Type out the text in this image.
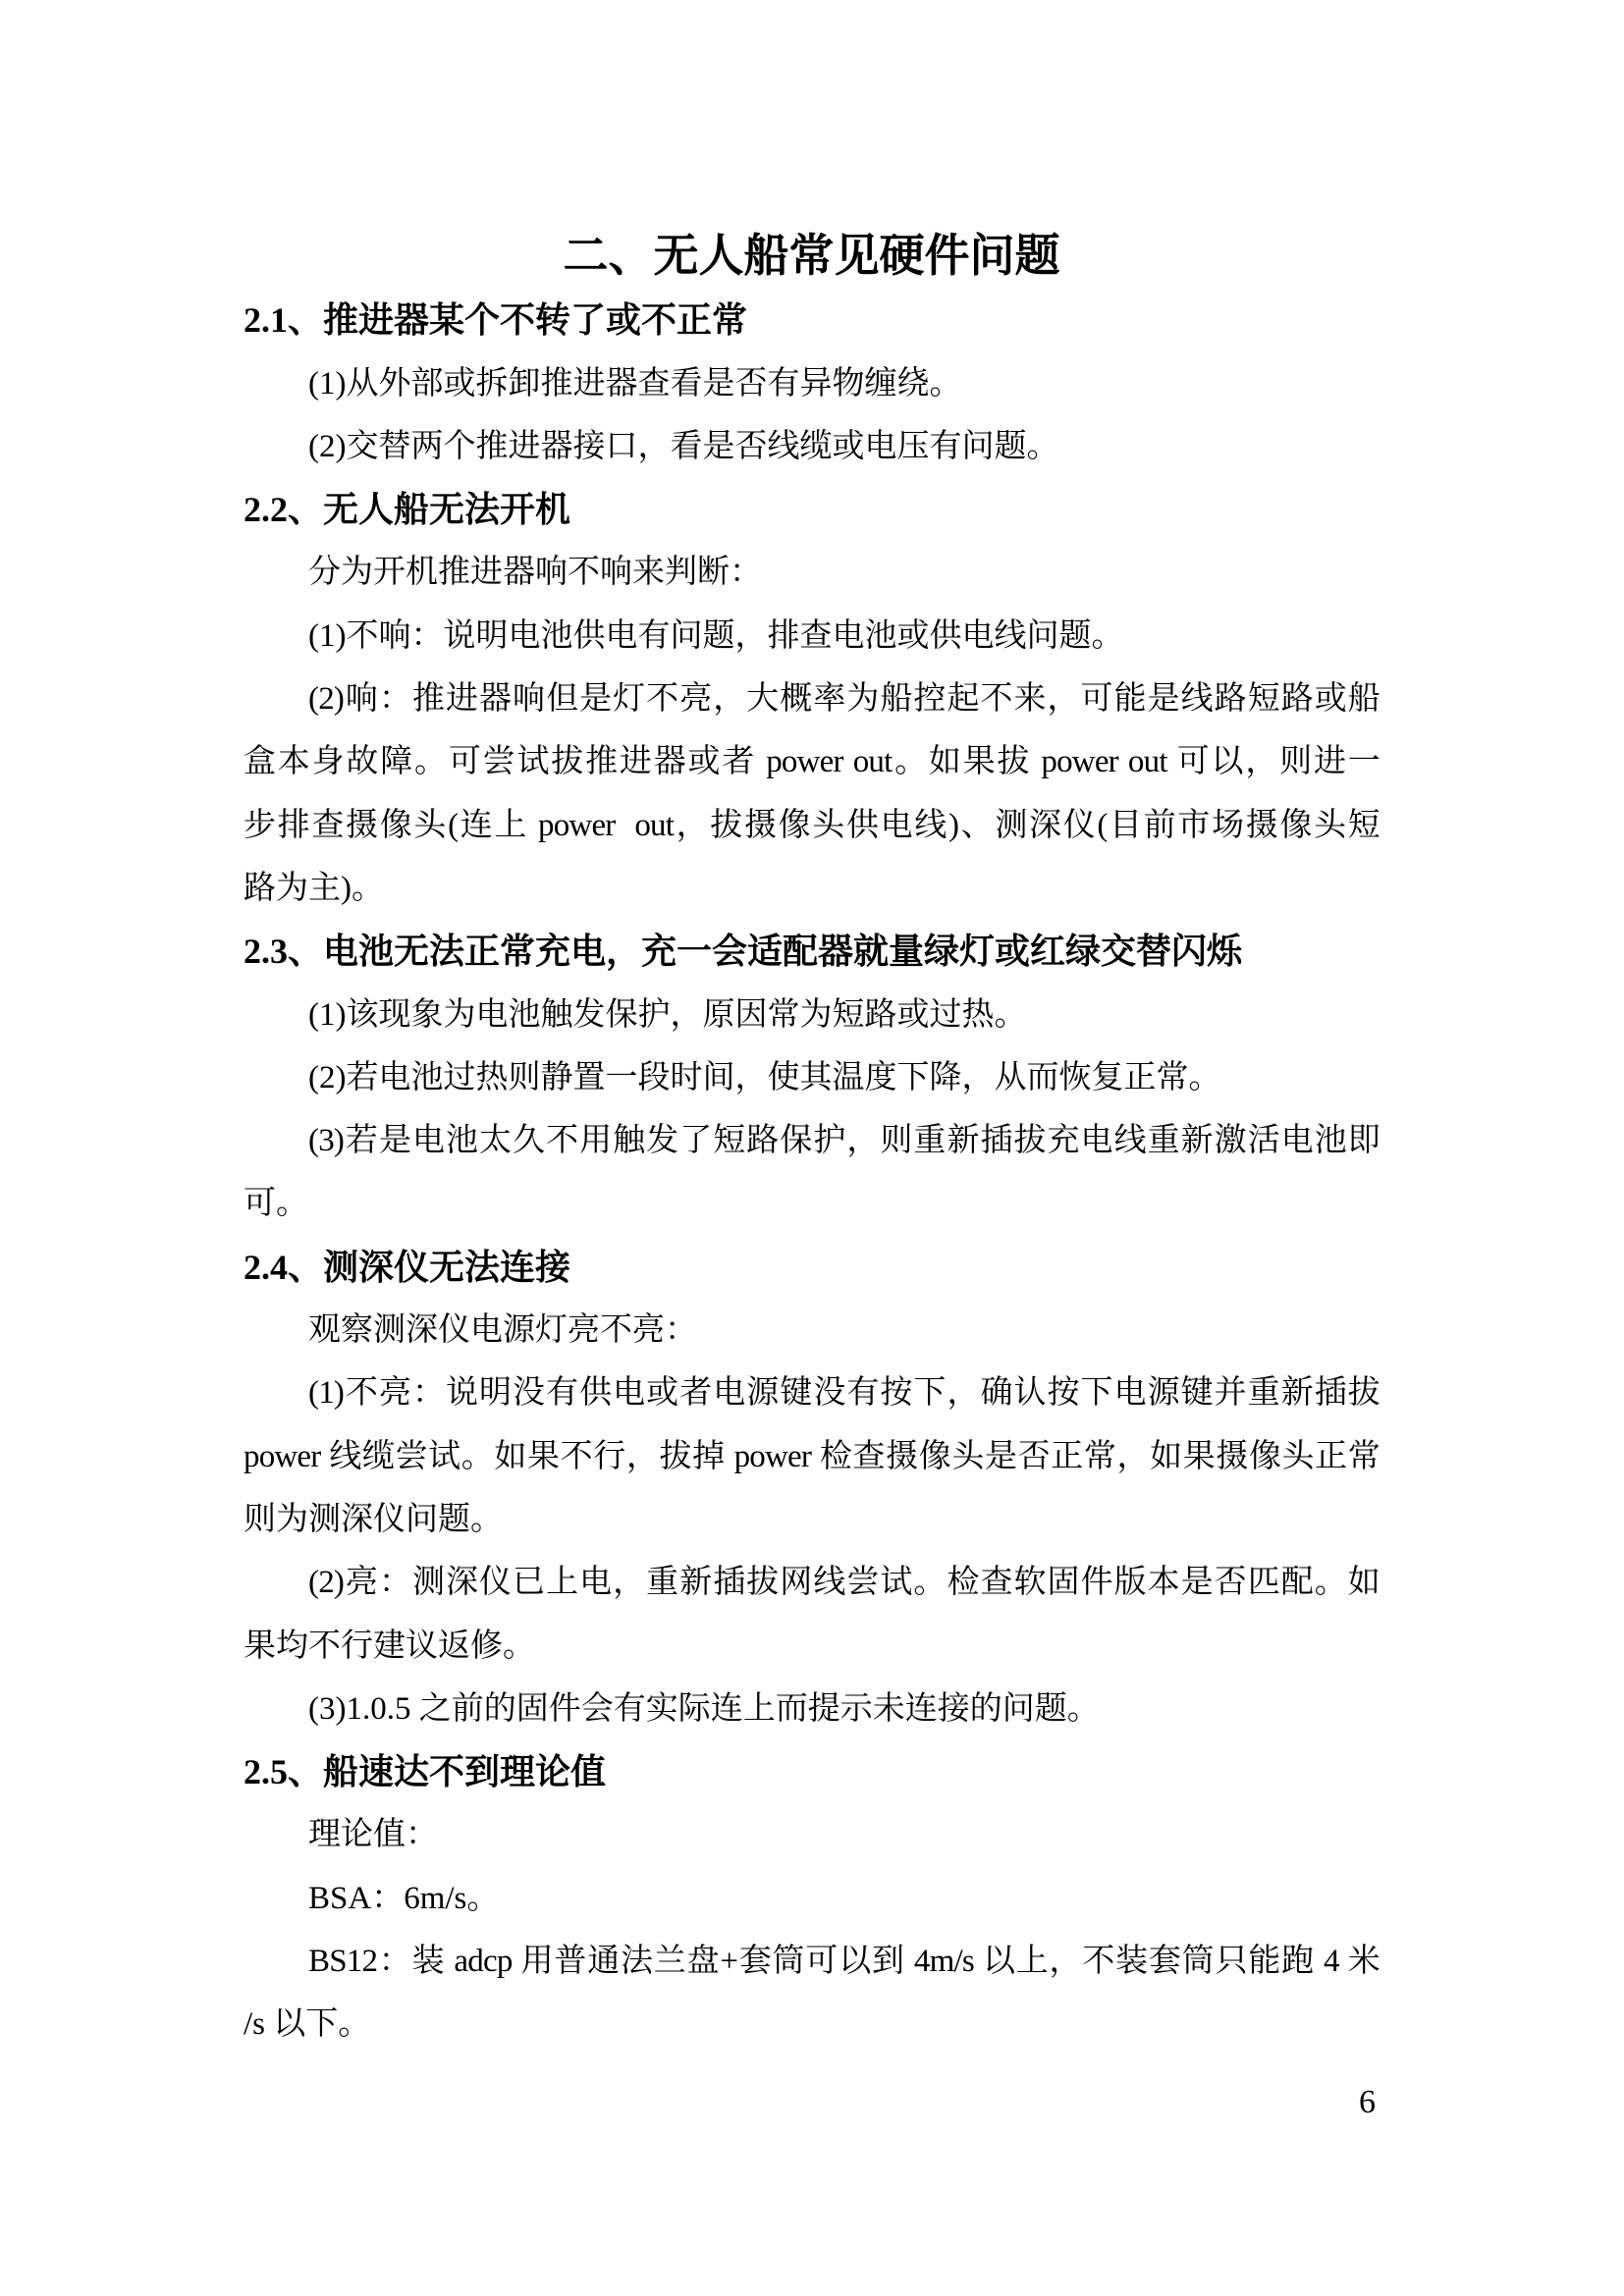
二、无人船常见硬件问题
2.1、推进器某个不转了或不正常
(1)从外部或拆卸推进器查看是否有异物缠绕。
(2)交替两个推进器接口，看是否线缆或电压有问题。
2.2、无人船无法开机
分为开机推进器响不响来判断：
(1)不响：说明电池供电有问题，排查电池或供电线问题。
(2)响：推进器响但是灯不亮，大概率为船控起不来，可能是线路短路或船
盒本身故障。可尝试拔推进器或者 power out。如果拔 power out 可以，则进一
步排查摄像头(连上 power  out，拔摄像头供电线)、测深仪(目前市场摄像头短
路为主)。
2.3、电池无法正常充电，充一会适配器就量绿灯或红绿交替闪烁
(1)该现象为电池触发保护，原因常为短路或过热。
(2)若电池过热则静置一段时间，使其温度下降，从而恢复正常。
(3)若是电池太久不用触发了短路保护，则重新插拔充电线重新激活电池即
可。
2.4、测深仪无法连接
观察测深仪电源灯亮不亮：
(1)不亮：说明没有供电或者电源键没有按下，确认按下电源键并重新插拔
power 线缆尝试。如果不行，拔掉 power 检查摄像头是否正常，如果摄像头正常
则为测深仪问题。
(2)亮：测深仪已上电，重新插拔网线尝试。检查软固件版本是否匹配。如
果均不行建议返修。
(3)1.0.5 之前的固件会有实际连上而提示未连接的问题。
2.5、船速达不到理论值
理论值：
BSA：6m/s。
BS12：装 adcp 用普通法兰盘+套筒可以到 4m/s 以上，不装套筒只能跑 4 米
/s 以下。
6
